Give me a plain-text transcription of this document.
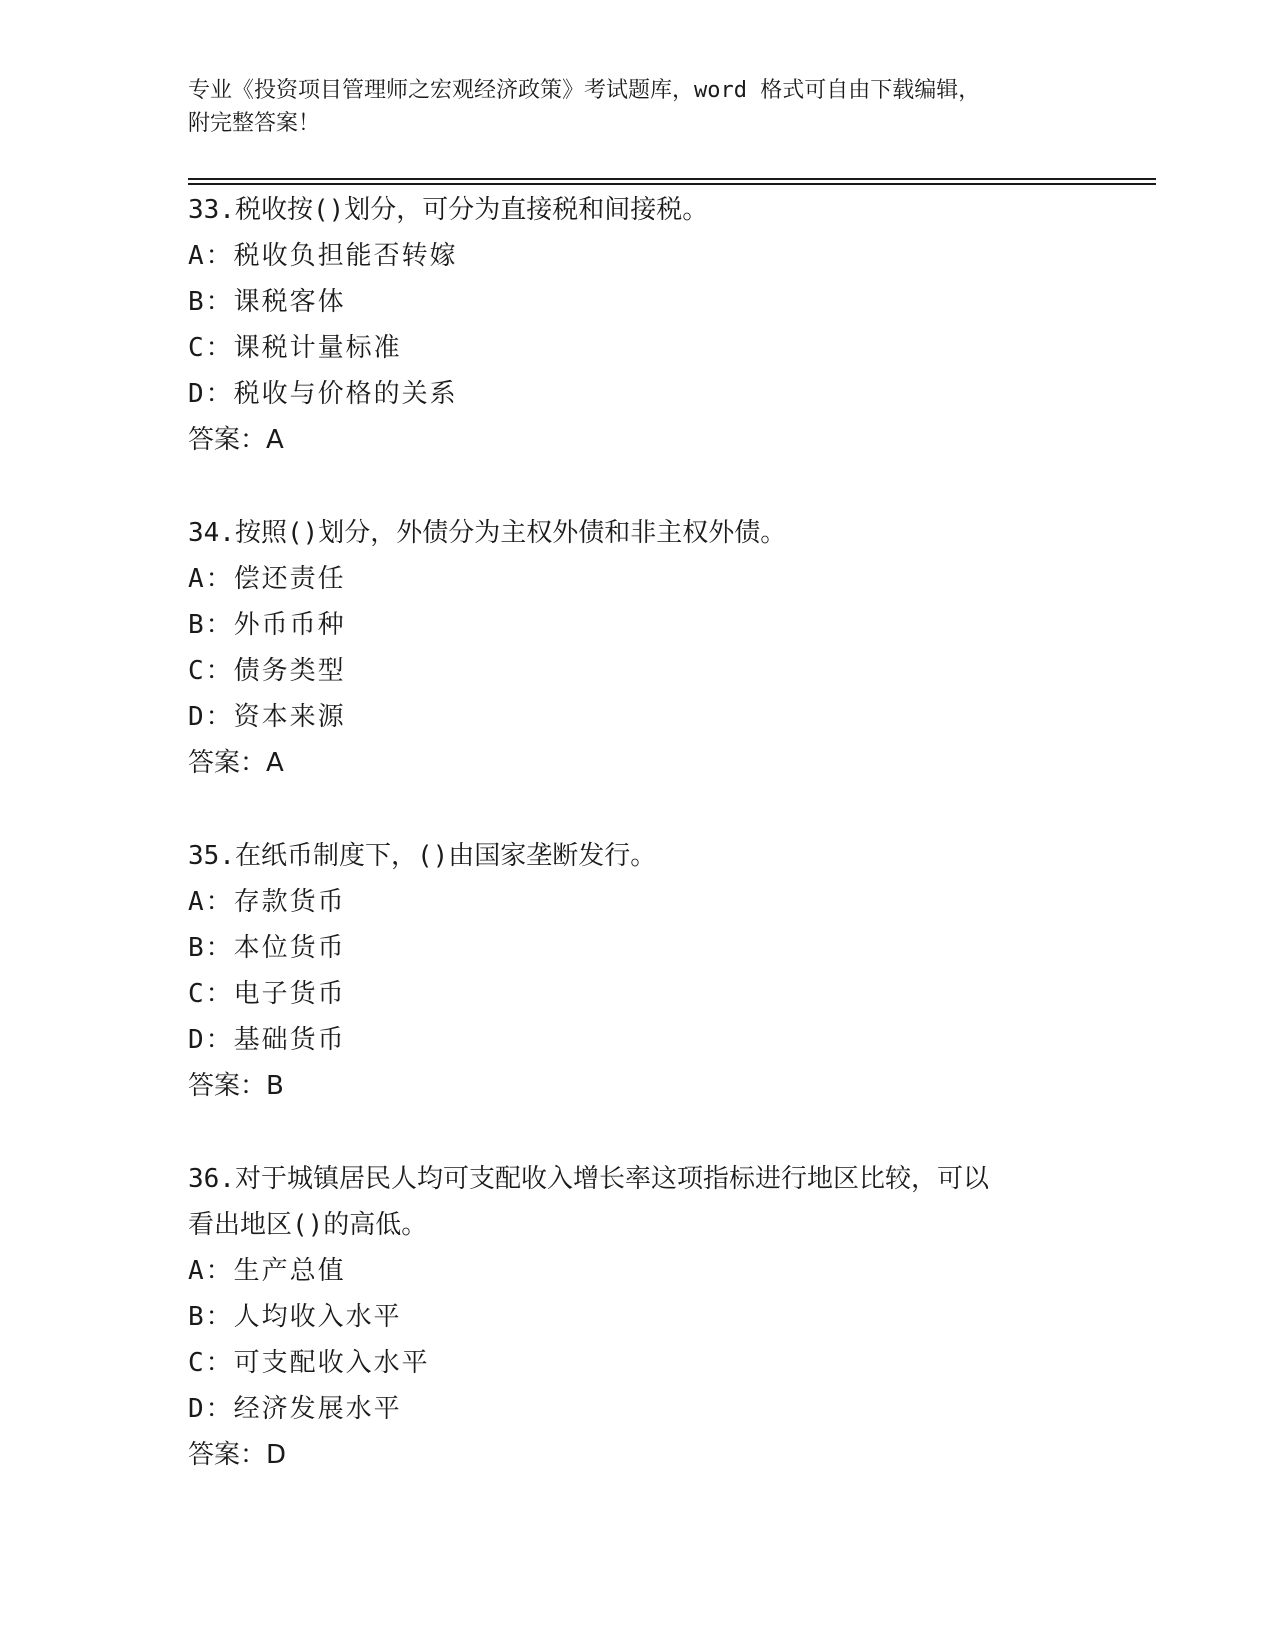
专业《投资项目管理师之宏观经济政策》考试题库，word 格式可自由下载编辑，

附完整答案！

33.税收按()划分，可分为直接税和间接税。
A：税收负担能否转嫁
B：课税客体
C：课税计量标准
D：税收与价格的关系
答案：A
34.按照()划分，外债分为主权外债和非主权外债。
A：偿还责任
B：外币币种
C：债务类型
D：资本来源
答案：A
35.在纸币制度下，()由国家垄断发行。
A：存款货币
B：本位货币
C：电子货币
D：基础货币
答案：B
36.对于城镇居民人均可支配收入增长率这项指标进行地区比较，可以
看出地区()的高低。
A：生产总值
B：人均收入水平
C：可支配收入水平
D：经济发展水平
答案：D
